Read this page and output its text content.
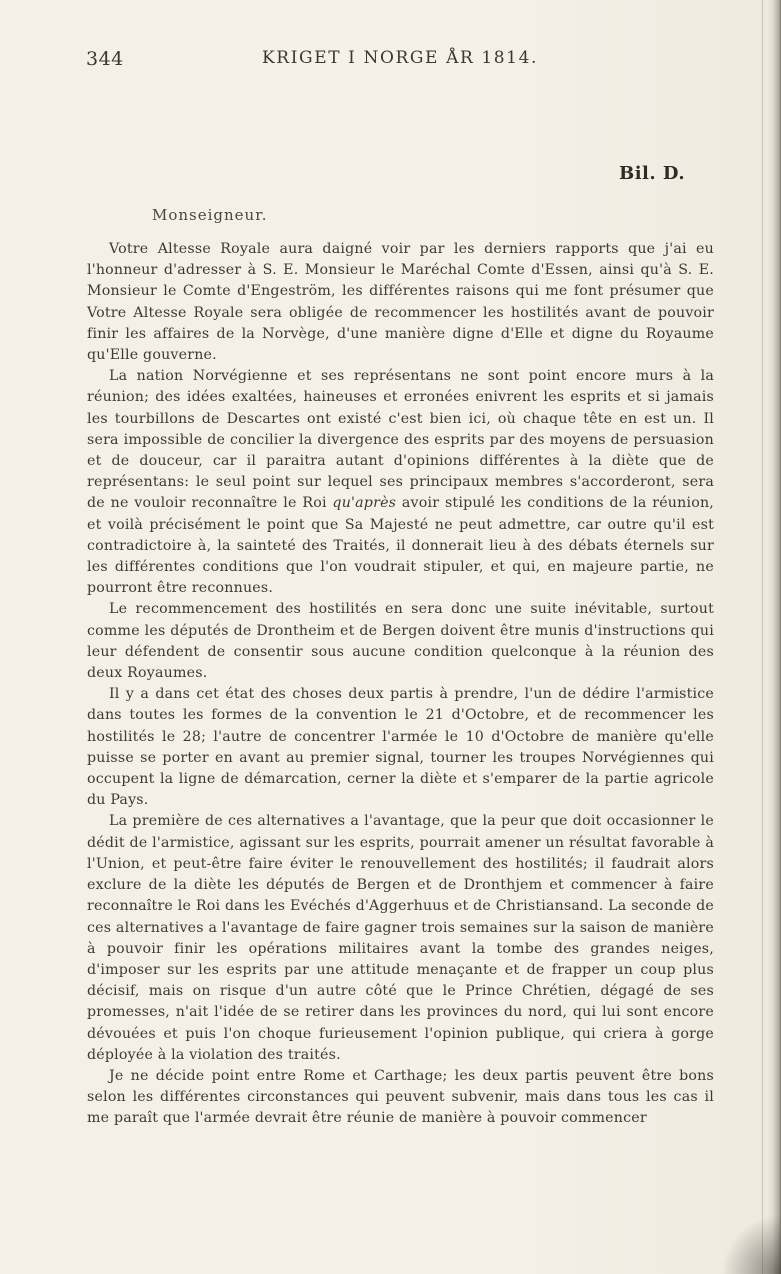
344	KRIGET I NORGE ÅR 1814.
Bil. D.
Monseigneur.

Votre Altesse Royale aura daigné voir par les derniers rapports que j'ai eu l'honneur d'adresser à S. E. Monsieur le Maréchal Comte d'Essen, ainsi qu'à S. E. Monsieur le Comte d'Engeström, les différentes raisons qui me font présumer que Votre Altesse Royale sera obligée de recommencer les hostilités avant de pouvoir finir les affaires de la Norvège, d'une manière digne d'Elle et digne du Royaume qu'Elle gouverne.

La nation Norvégienne et ses représentans ne sont point encore murs à la réunion; des idées exaltées, haineuses et erronées enivrent les esprits et si jamais les tourbillons de Descartes ont existé c'est bien ici, où chaque tête en est un. Il sera impossible de concilier la divergence des esprits par des moyens de persuasion et de douceur, car il paraitra autant d'opinions différentes à la diète que de représentans: le seul point sur lequel ses principaux membres s'accorderont, sera de ne vouloir reconnaître le Roi qu'après avoir stipulé les conditions de la réunion, et voilà précisément le point que Sa Majesté ne peut admettre, car outre qu'il est contradictoire à, la sainteté des Traités, il donnerait lieu à des débats éternels sur les différentes conditions que l'on voudrait stipuler, et qui, en majeure partie, ne pourront être reconnues.

Le recommencement des hostilités en sera donc une suite inévitable, surtout comme les députés de Drontheim et de Bergen doivent être munis d'instructions qui leur défendent de consentir sous aucune condition quelconque à la réunion des deux Royaumes.

Il y a dans cet état des choses deux partis à prendre, l'un de dédire l'armistice dans toutes les formes de la convention le 21 d'Octobre, et de recommencer les hostilités le 28; l'autre de concentrer l'armée le 10 d'Octobre de manière qu'elle puisse se porter en avant au premier signal, tourner les troupes Norvégiennes qui occupent la ligne de démarcation, cerner la diète et s'emparer de la partie agricole du Pays.

La première de ces alternatives a l'avantage, que la peur que doit occasionner le dédit de l'armistice, agissant sur les esprits, pourrait amener un résultat favorable à l'Union, et peut-être faire éviter le renouvellement des hostilités; il faudrait alors exclure de la diète les députés de Bergen et de Dronthjem et commencer à faire reconnaître le Roi dans les Evéchés d'Aggerhuus et de Christiansand. La seconde de ces alternatives a l'avantage de faire gagner trois semaines sur la saison de manière à pouvoir finir les opérations militaires avant la tombe des grandes neiges, d'imposer sur les esprits par une attitude menaçante et de frapper un coup plus décisif, mais on risque d'un autre côté que le Prince Chrétien, dégagé de ses promesses, n'ait l'idée de se retirer dans les provinces du nord, qui lui sont encore dévouées et puis l'on choque furieusement l'opinion publique, qui criera à gorge déployée à la violation des traités.

Je ne décide point entre Rome et Carthage; les deux partis peuvent être bons selon les différentes circonstances qui peuvent subvenir, mais dans tous les cas il me paraît que l'armée devrait être réunie de manière à pouvoir commencer
